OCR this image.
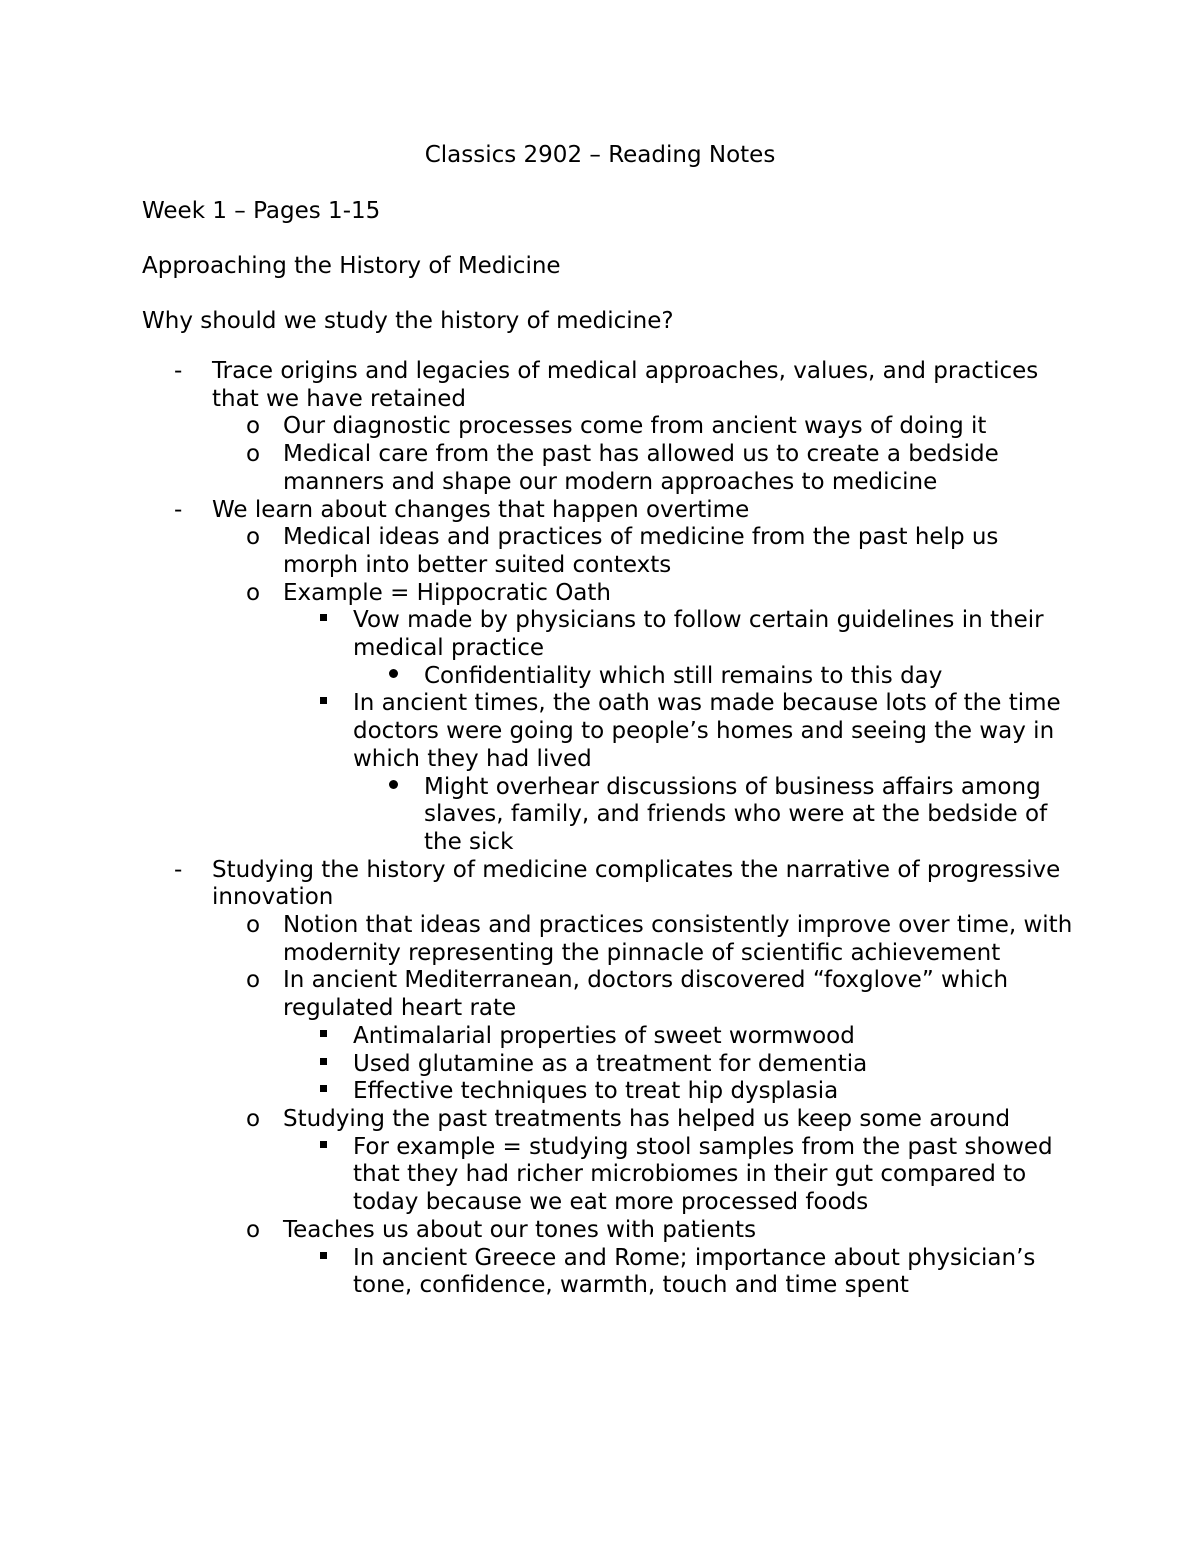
Classics 2902 – Reading Notes

Week 1 – Pages 1-15

Approaching the History of Medicine

Why should we study the history of medicine?

-	Trace origins and legacies of medical approaches, values, and practices that we have retained
o Our diagnostic processes come from ancient ways of doing it
o Medical care from the past has allowed us to create a bedside manners and shape our modern approaches to medicine
-	We learn about changes that happen overtime
o Medical ideas and practices of medicine from the past help us morph into better suited contexts
o Example = Hippocratic Oath
Vow made by physicians to follow certain guidelines in their medical practice
Confidentiality which still remains to this day
In ancient times, the oath was made because lots of the time doctors were going to people’s homes and seeing the way in which they had lived
Might overhear discussions of business affairs among slaves, family, and friends who were at the bedside of the sick
-	Studying the history of medicine complicates the narrative of progressive innovation
o Notion that ideas and practices consistently improve over time, with modernity representing the pinnacle of scientific achievement
o In ancient Mediterranean, doctors discovered “foxglove” which regulated heart rate
Antimalarial properties of sweet wormwood
Used glutamine as a treatment for dementia
Effective techniques to treat hip dysplasia
o Studying the past treatments has helped us keep some around
For example = studying stool samples from the past showed that they had richer microbiomes in their gut compared to today because we eat more processed foods
o Teaches us about our tones with patients
In ancient Greece and Rome; importance about physician’s tone, confidence, warmth, touch and time spent
